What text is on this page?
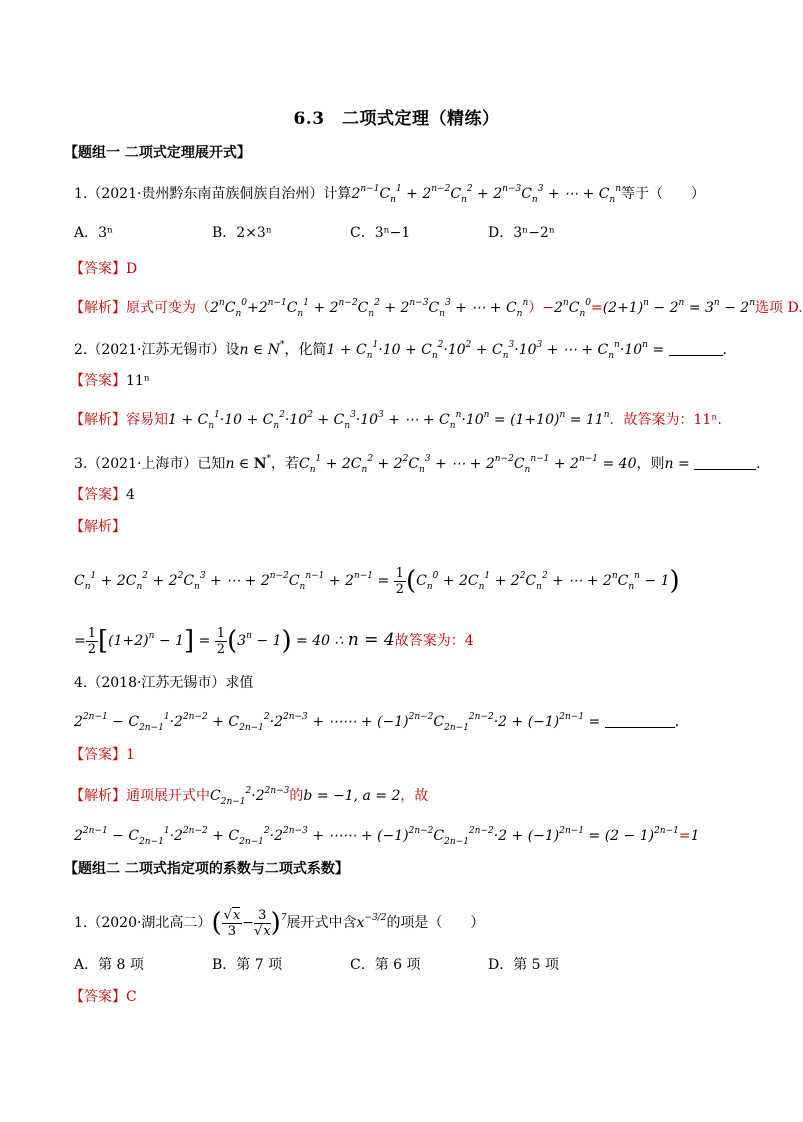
6.3　二项式定理（精练）
【题组一 二项式定理展开式】
1.（2021·贵州黔东南苗族侗族自治州）计算$2^{n-1}C_n^1 + 2^{n-2}C_n^2 + 2^{n-3}C_n^3$ + ⋯ + $C_n^n$等于（　　）
A．3ⁿ	B．2×3ⁿ	C．3ⁿ−1	D．3ⁿ−2ⁿ
【答案】D
【解析】原式可变为（$2^nC_n^0+2^{n-1}C_n^1 + 2^{n-2}C_n^2 + 2^{n-3}C_n^3$ + ⋯ + $C_n^n)-2^nC_n^0=(2+1)^n - 2^n = 3^n - 2^n$选项 D.
2.（2021·江苏无锡市）设n ∈ N*，化简$1 + C_n^1\cdot 10 + C_n^2\cdot 10^2 + C_n^3\cdot 10^3$ + ⋯ + $C_n^n\cdot 10^n$ =	.
【答案】11ⁿ
【解析】容易知$1 + C_n^1\cdot 10 + C_n^2\cdot 10^2 + C_n^3\cdot 10^3$ + ⋯ + $C_n^n\cdot 10^n = (1+10)^n = 11^n$．故答案为：11ⁿ.
3.（2021·上海市）已知n ∈ N*，若$C_n^1 + 2C_n^2 + 2^2C_n^3$ + ⋯ + $2^{n-2}C_n^{n-1} + 2^{n-1} = 40$，则n =	.
【答案】4
【解析】
$C_n^1 + 2C_n^2 + 2^2C_n^3$ + ⋯ + $2^{n-2}C_n^{n-1} + 2^{n-1} = \frac{1}{2} (C_n^0 + 2C_n^1 + 2^2C_n^2$ + ⋯ + $2^nC_n^n - 1$)
= $\frac{1}{2} [(1+2)^n - 1] = \frac{1}{2} (3^n - 1) = 40$ ∴ n = 4故答案为：4
4.（2018·江苏无锡市）求值
$2^{2n-1} - C_{2n-1}^1\cdot 2^{2n-2} + C_{2n-1}^2\cdot 2^{2n-3}$ + ⋯⋯ + $(-1)^{2n-2}C_{2n-1}^{2n-2}\cdot 2 + (-1)^{2n-1}$ =	.
【答案】1
【解析】通项展开式中$C_{2n-1}^2\cdot 2^{2n-3}$的b = −1, a = 2，故
$2^{2n-1} - C_{2n-1}^1\cdot 2^{2n-2} + C_{2n-1}^2\cdot 2^{2n-3}$ + ⋯⋯ + $(-1)^{2n-2}C_{2n-1}^{2n-2}\cdot 2 + (-1)^{2n-1} = (2 - 1)^{2n-1}=1$
【题组二 二项式指定项的系数与二项式系数】
1.（2020·湖北高二）( $\frac{√x}{3} - \frac{3}{√x} )^7$展开式中含$x^{-3/2}$的项是（　　）
A．第 8 项	B．第 7 项	C．第 6 项	D．第 5 项
【答案】C
